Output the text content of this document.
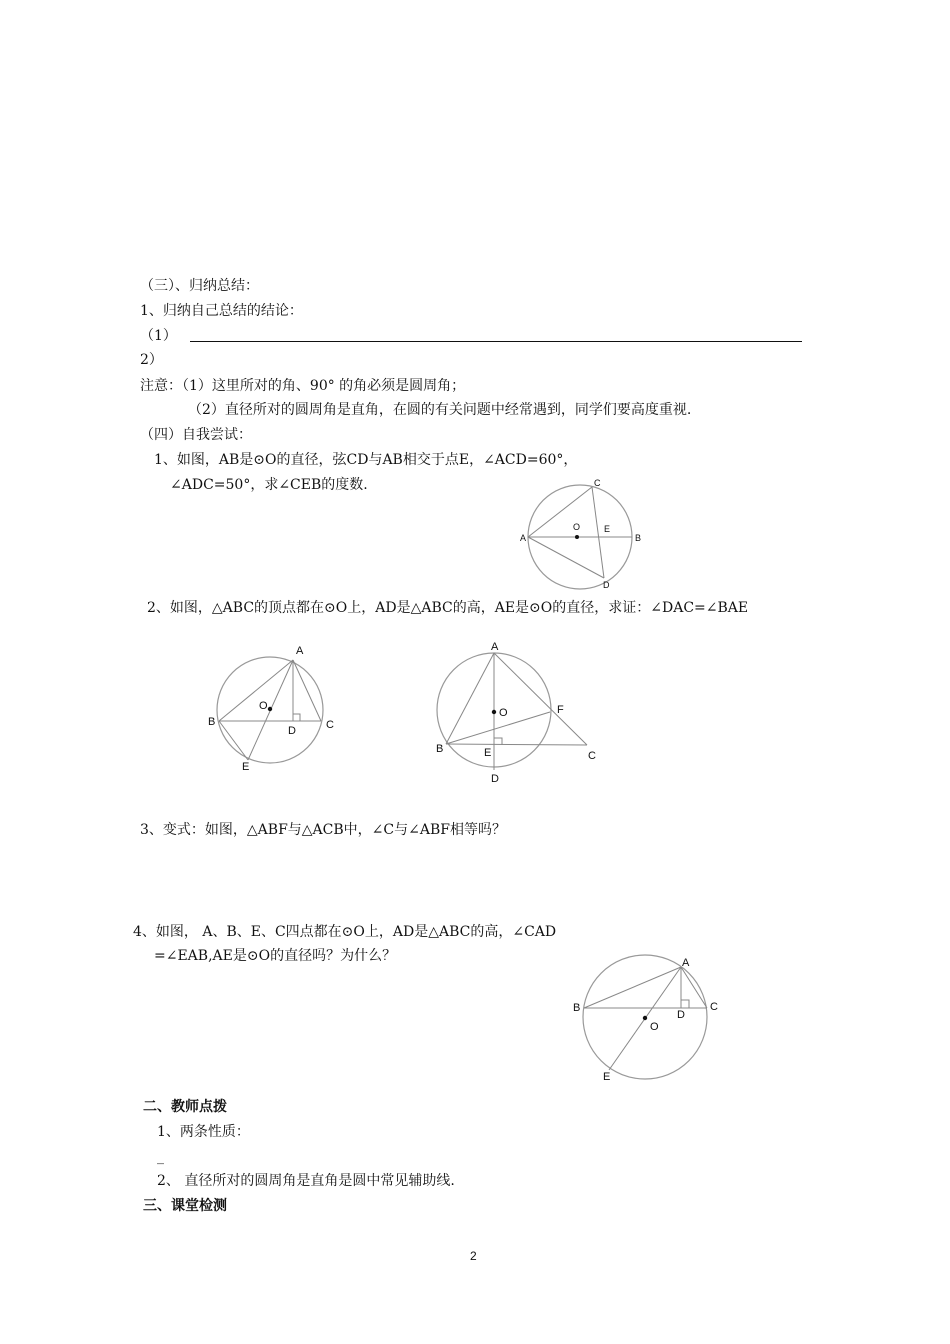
（三）、归纳总结：
1、归纳自己总结的结论：
（1）
2）
注意：（1）这里所对的角、90° 的角必须是圆周角；
（2）直径所对的圆周角是直角，在圆的有关问题中经常遇到，同学们要高度重视.
（四）自我尝试：
1、如图，AB是⊙O的直径，弦CD与AB相交于点E，∠ACD=60°，
∠ADC=50°，求∠CEB的度数.
A	B
C
D
E
O
2、如图，△ABC的顶点都在⊙O上，AD是△ABC的高，AE是⊙O的直径，求证：∠DAC=∠BAE
A
B	C
D
E
O
A
B
C
D
E
F
O
3、变式：如图，△ABF与△ACB中，∠C与∠ABF相等吗？
4、如图， A、B、E、C四点都在⊙O上，AD是△ABC的高，∠CAD
=∠EAB,AE是⊙O的直径吗？为什么？	A
B	C
D
E
O
二、教师点拨
1、两条性质：
_
2、 直径所对的圆周角是直角是圆中常见辅助线.
三、课堂检测
2
